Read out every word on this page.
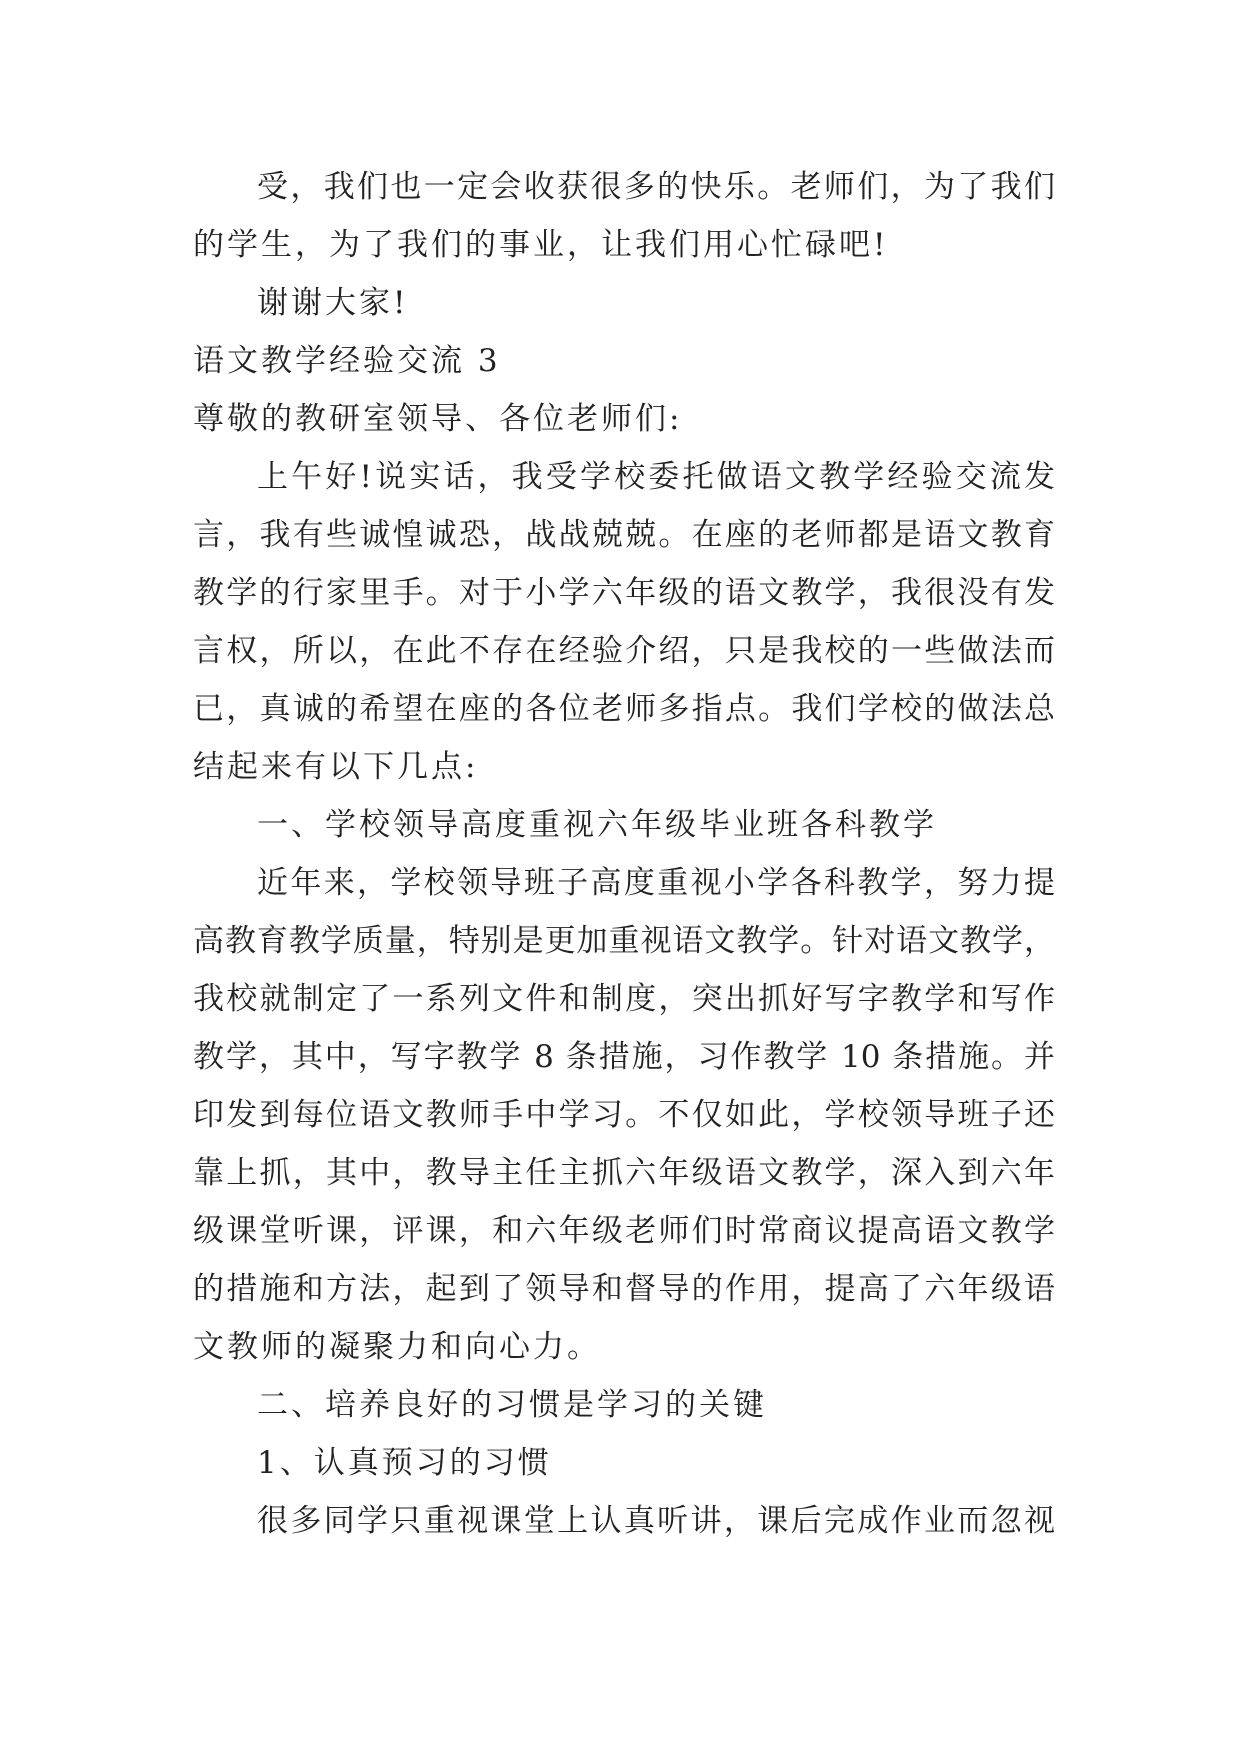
受，我们也一定会收获很多的快乐。老师们，为了我们
的学生，为了我们的事业，让我们用心忙碌吧!
谢谢大家!
语文教学经验交流 3
尊敬的教研室领导、各位老师们:
上午好!说实话，我受学校委托做语文教学经验交流发
言，我有些诚惶诚恐，战战兢兢。在座的老师都是语文教育
教学的行家里手。对于小学六年级的语文教学，我很没有发
言权，所以，在此不存在经验介绍，只是我校的一些做法而
已，真诚的希望在座的各位老师多指点。我们学校的做法总
结起来有以下几点:
一、学校领导高度重视六年级毕业班各科教学
近年来，学校领导班子高度重视小学各科教学，努力提
高教育教学质量，特别是更加重视语文教学。针对语文教学，
我校就制定了一系列文件和制度，突出抓好写字教学和写作
教学，其中，写字教学 8 条措施，习作教学 10 条措施。并
印发到每位语文教师手中学习。不仅如此，学校领导班子还
靠上抓，其中，教导主任主抓六年级语文教学，深入到六年
级课堂听课，评课，和六年级老师们时常商议提高语文教学
的措施和方法，起到了领导和督导的作用，提高了六年级语
文教师的凝聚力和向心力。
二、培养良好的习惯是学习的关键
1、认真预习的习惯
很多同学只重视课堂上认真听讲，课后完成作业而忽视
